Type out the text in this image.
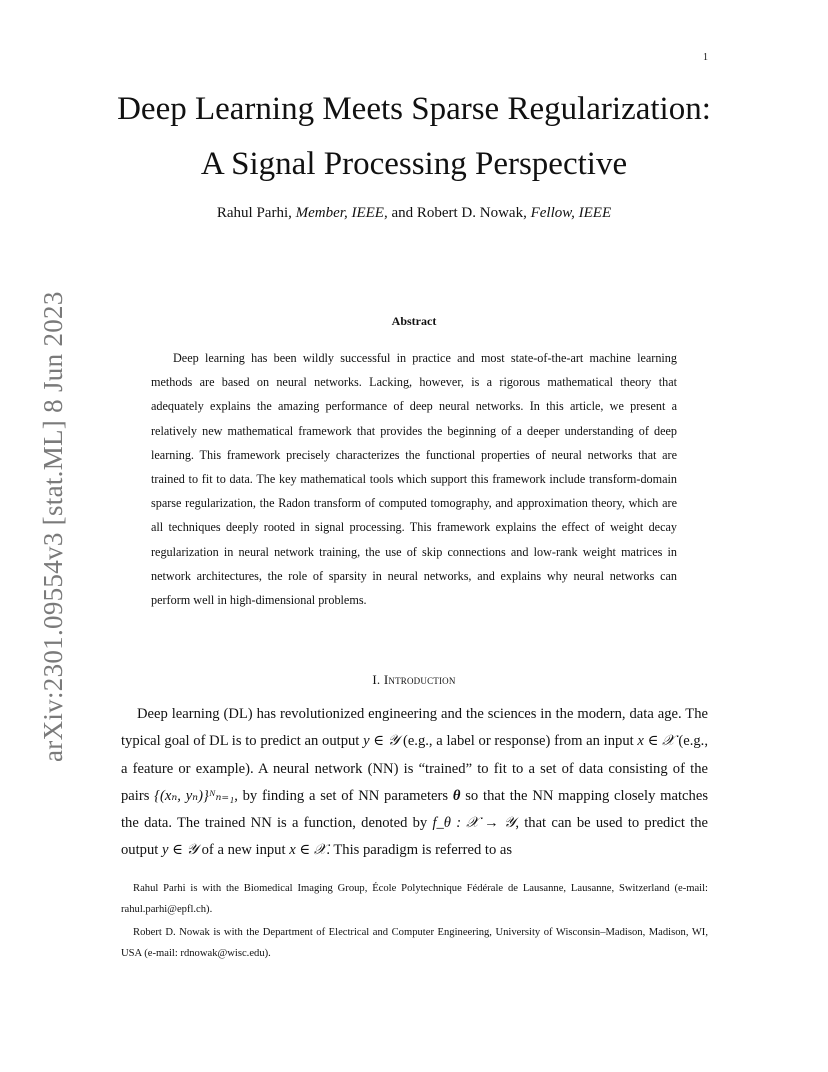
1
arXiv:2301.09554v3 [stat.ML] 8 Jun 2023
Deep Learning Meets Sparse Regularization:
A Signal Processing Perspective
Rahul Parhi, Member, IEEE, and Robert D. Nowak, Fellow, IEEE
Abstract

Deep learning has been wildly successful in practice and most state-of-the-art machine learning methods are based on neural networks. Lacking, however, is a rigorous mathematical theory that adequately explains the amazing performance of deep neural networks. In this article, we present a relatively new mathematical framework that provides the beginning of a deeper understanding of deep learning. This framework precisely characterizes the functional properties of neural networks that are trained to fit to data. The key mathematical tools which support this framework include transform-domain sparse regularization, the Radon transform of computed tomography, and approximation theory, which are all techniques deeply rooted in signal processing. This framework explains the effect of weight decay regularization in neural network training, the use of skip connections and low-rank weight matrices in network architectures, the role of sparsity in neural networks, and explains why neural networks can perform well in high-dimensional problems.

I. Introduction

Deep learning (DL) has revolutionized engineering and the sciences in the modern, data age. The typical goal of DL is to predict an output y ∈ 𝒴 (e.g., a label or response) from an input x ∈ 𝒳 (e.g., a feature or example). A neural network (NN) is “trained” to fit to a set of data consisting of the pairs {(xₙ, yₙ)}ᴺₙ₌₁, by finding a set of NN parameters θ so that the NN mapping closely matches the data. The trained NN is a function, denoted by f_θ : 𝒳 → 𝒴, that can be used to predict the output y ∈ 𝒴 of a new input x ∈ 𝒳. This paradigm is referred to as

Rahul Parhi is with the Biomedical Imaging Group, École Polytechnique Fédérale de Lausanne, Lausanne, Switzerland (e-mail: rahul.parhi@epfl.ch).

Robert D. Nowak is with the Department of Electrical and Computer Engineering, University of Wisconsin–Madison, Madison, WI, USA (e-mail: rdnowak@wisc.edu).
